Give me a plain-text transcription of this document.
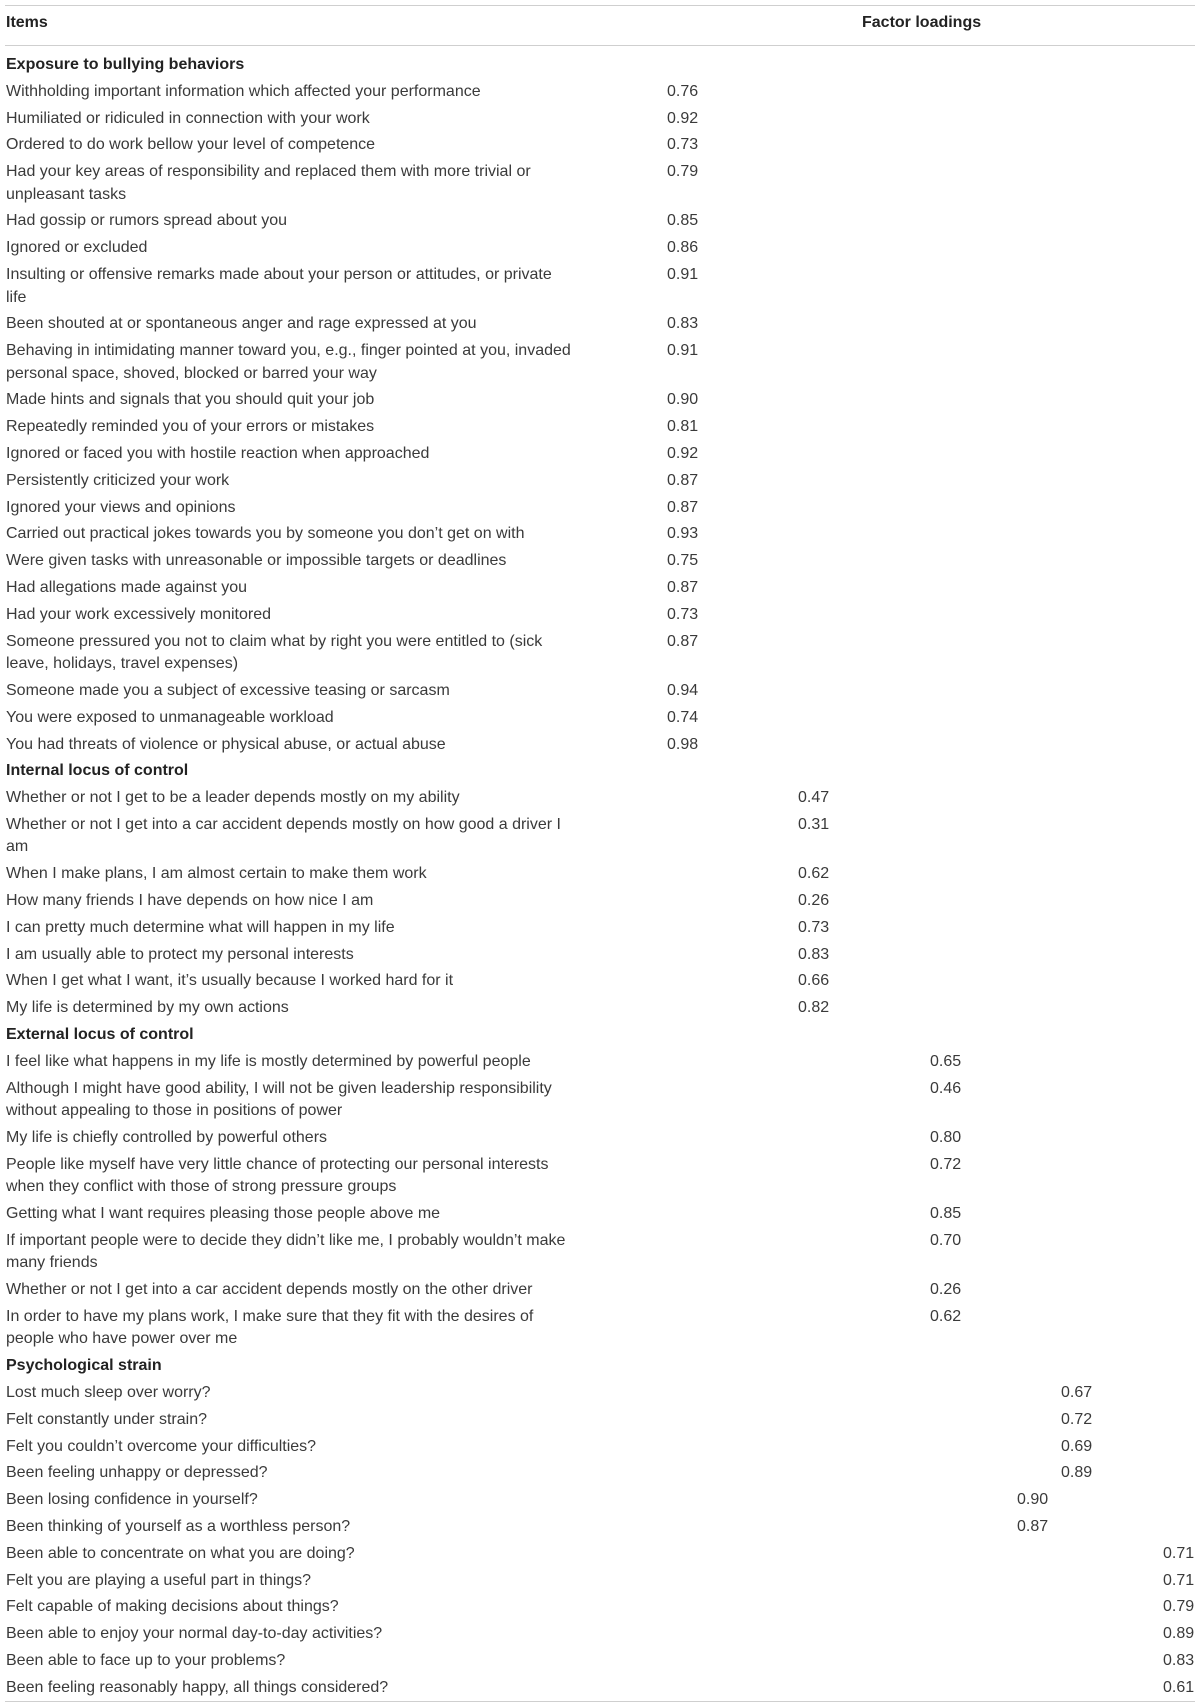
Items	Factor loadings
Exposure to bullying behaviors
Withholding important information which affected your performance	0.76
Humiliated or ridiculed in connection with your work	0.92
Ordered to do work bellow your level of competence	0.73
Had your key areas of responsibility and replaced them with more trivial or unpleasant tasks
0.79
Had gossip or rumors spread about you	0.85
Ignored or excluded	0.86
Insulting or offensive remarks made about your person or attitudes, or private life
0.91
Been shouted at or spontaneous anger and rage expressed at you	0.83
Behaving in intimidating manner toward you, e.g., finger pointed at you, invaded personal space, shoved, blocked or barred your way
0.91
Made hints and signals that you should quit your job	0.90
Repeatedly reminded you of your errors or mistakes	0.81
Ignored or faced you with hostile reaction when approached	0.92
Persistently criticized your work	0.87
Ignored your views and opinions	0.87
Carried out practical jokes towards you by someone you don’t get on with	0.93
Were given tasks with unreasonable or impossible targets or deadlines	0.75
Had allegations made against you	0.87
Had your work excessively monitored	0.73
Someone pressured you not to claim what by right you were entitled to (sick leave, holidays, travel expenses)
0.87
Someone made you a subject of excessive teasing or sarcasm	0.94
You were exposed to unmanageable workload	0.74
You had threats of violence or physical abuse, or actual abuse	0.98
Internal locus of control
Whether or not I get to be a leader depends mostly on my ability	0.47
Whether or not I get into a car accident depends mostly on how good a driver I am
0.31
When I make plans, I am almost certain to make them work	0.62
How many friends I have depends on how nice I am	0.26
I can pretty much determine what will happen in my life	0.73
I am usually able to protect my personal interests	0.83
When I get what I want, it’s usually because I worked hard for it	0.66
My life is determined by my own actions	0.82
External locus of control
I feel like what happens in my life is mostly determined by powerful people	0.65
Although I might have good ability, I will not be given leadership responsibility without appealing to those in positions of power
0.46
My life is chiefly controlled by powerful others	0.80
People like myself have very little chance of protecting our personal interests when they conflict with those of strong pressure groups
0.72
Getting what I want requires pleasing those people above me	0.85
If important people were to decide they didn’t like me, I probably wouldn’t make many friends
0.70
Whether or not I get into a car accident depends mostly on the other driver	0.26
In order to have my plans work, I make sure that they fit with the desires of people who have power over me
0.62
Psychological strain
Lost much sleep over worry?	0.67
Felt constantly under strain?	0.72
Felt you couldn’t overcome your difficulties?	0.69
Been feeling unhappy or depressed?	0.89
Been losing confidence in yourself?	0.90
Been thinking of yourself as a worthless person?	0.87
Been able to concentrate on what you are doing?	0.71
Felt you are playing a useful part in things?	0.71
Felt capable of making decisions about things?	0.79
Been able to enjoy your normal day-to-day activities?	0.89
Been able to face up to your problems?	0.83
Been feeling reasonably happy, all things considered?	0.61
